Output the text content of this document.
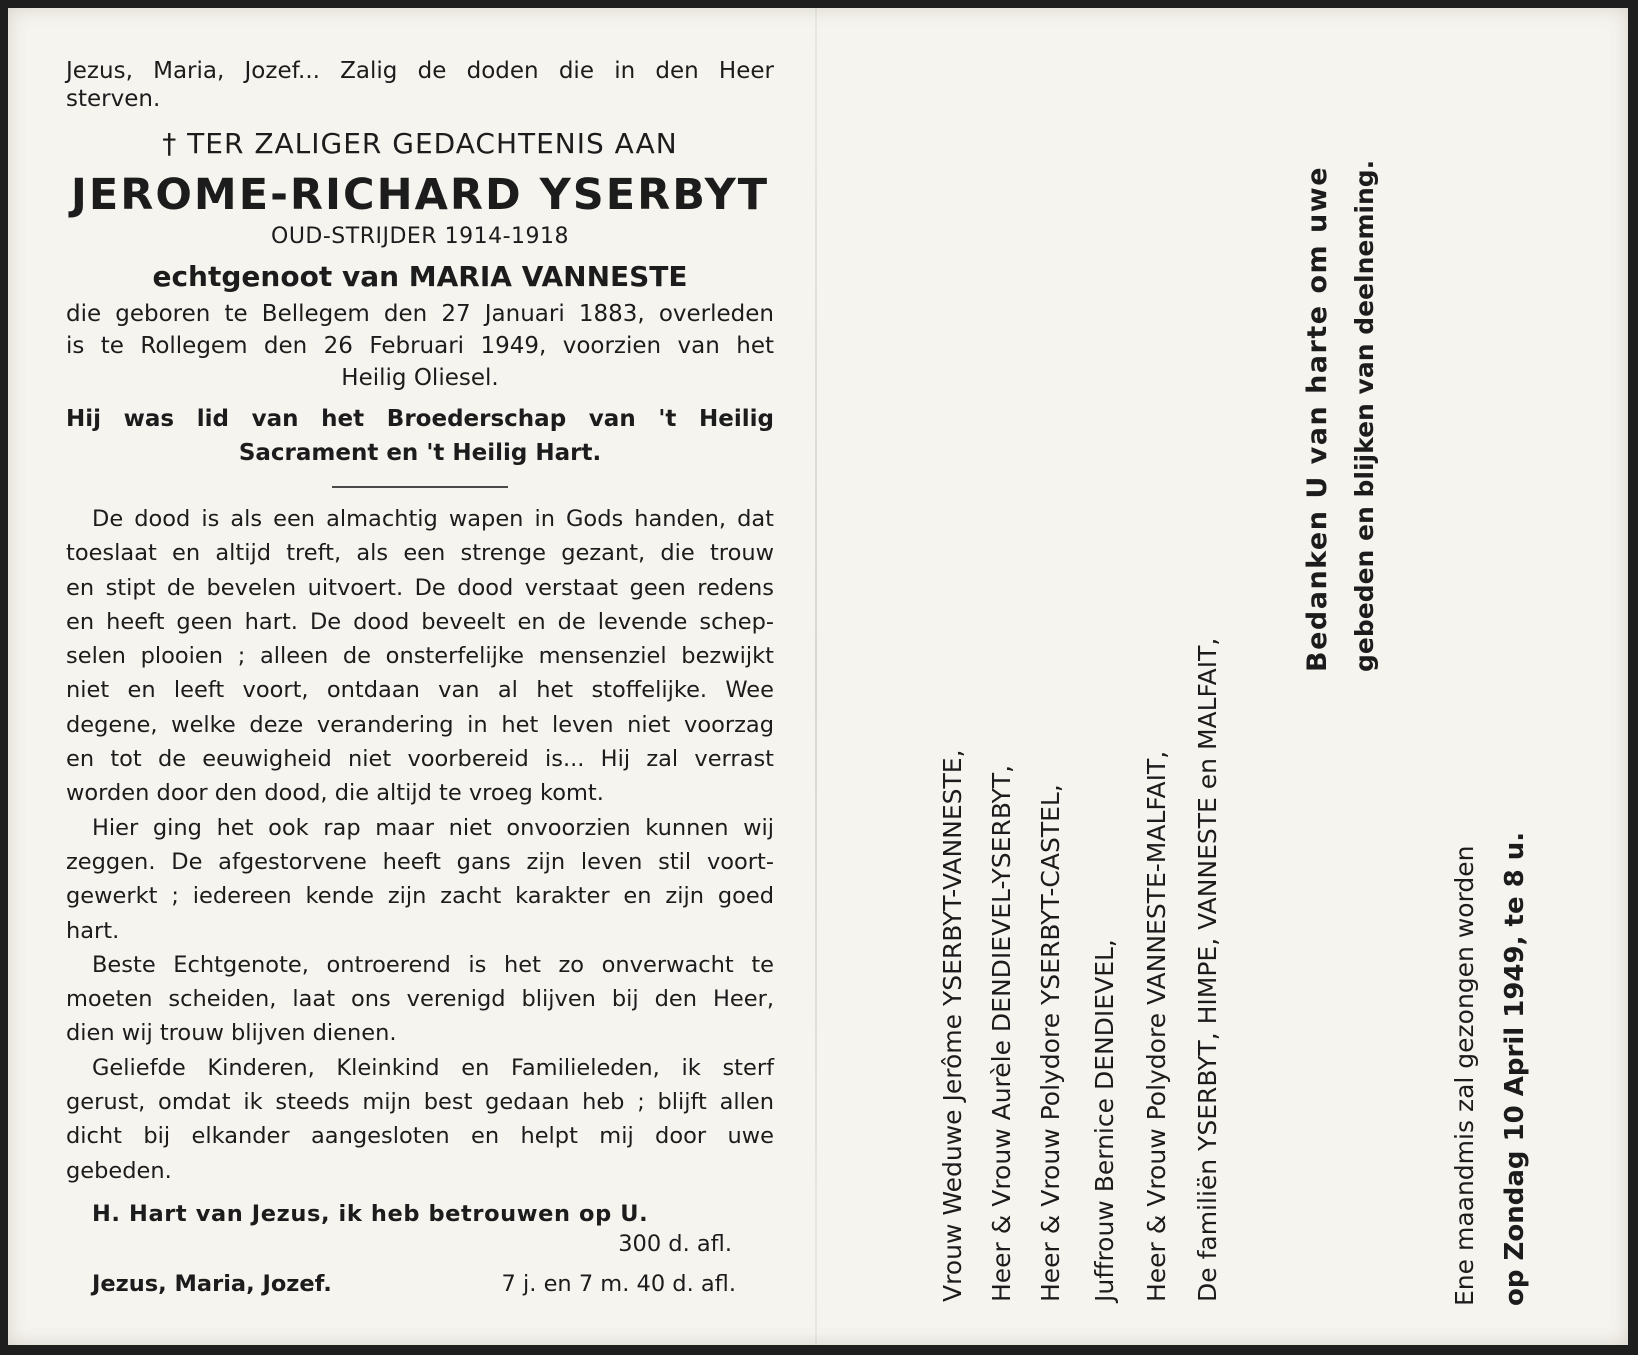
Jezus, Maria, Jozef... Zalig de doden die in den Heer
sterven.
† TER ZALIGER GEDACHTENIS AAN
JEROME-RICHARD YSERBYT
OUD-STRIJDER 1914-1918
echtgenoot van MARIA VANNESTE
die geboren te Bellegem den 27 Januari 1883, overleden
is te Rollegem den 26 Februari 1949, voorzien van het
Heilig Oliesel.
Hij was lid van het Broederschap van 't Heilig
Sacrament en 't Heilig Hart.
De dood is als een almachtig wapen in Gods handen, dat
toeslaat en altijd treft, als een strenge gezant, die trouw
en stipt de bevelen uitvoert. De dood verstaat geen redens
en heeft geen hart. De dood beveelt en de levende schep-
selen plooien ; alleen de onsterfelijke mensenziel bezwijkt
niet en leeft voort, ontdaan van al het stoffelijke. Wee
degene, welke deze verandering in het leven niet voorzag
en tot de eeuwigheid niet voorbereid is... Hij zal verrast
worden door den dood, die altijd te vroeg komt.
Hier ging het ook rap maar niet onvoorzien kunnen wij
zeggen. De afgestorvene heeft gans zijn leven stil voort-
gewerkt ; iedereen kende zijn zacht karakter en zijn goed
hart.
Beste Echtgenote, ontroerend is het zo onverwacht te
moeten scheiden, laat ons verenigd blijven bij den Heer,
dien wij trouw blijven dienen.
Geliefde Kinderen, Kleinkind en Familieleden, ik sterf
gerust, omdat ik steeds mijn best gedaan heb ; blijft allen
dicht bij elkander aangesloten en helpt mij door uwe
gebeden.
H. Hart van Jezus, ik heb betrouwen op U.
300 d. afl.
Jezus, Maria, Jozef.	7 j. en 7 m. 40 d. afl.	Vrouw Weduwe Jerôme YSERBYT-VANNESTE, Heer & Vrouw Aurèle DENDIEVEL-YSERBYT, Heer & Vrouw Polydore YSERBYT-CASTEL, Juffrouw Bernice DENDIEVEL, Heer & Vrouw Polydore VANNESTE-MALFAIT, De familiën YSERBYT, HIMPE, VANNESTE en MALFAIT,
Bedanken U van harte om uwe gebeden en blijken van deelneming.
Ene maandmis zal gezongen worden op Zondag 10 April 1949, te 8 u.
